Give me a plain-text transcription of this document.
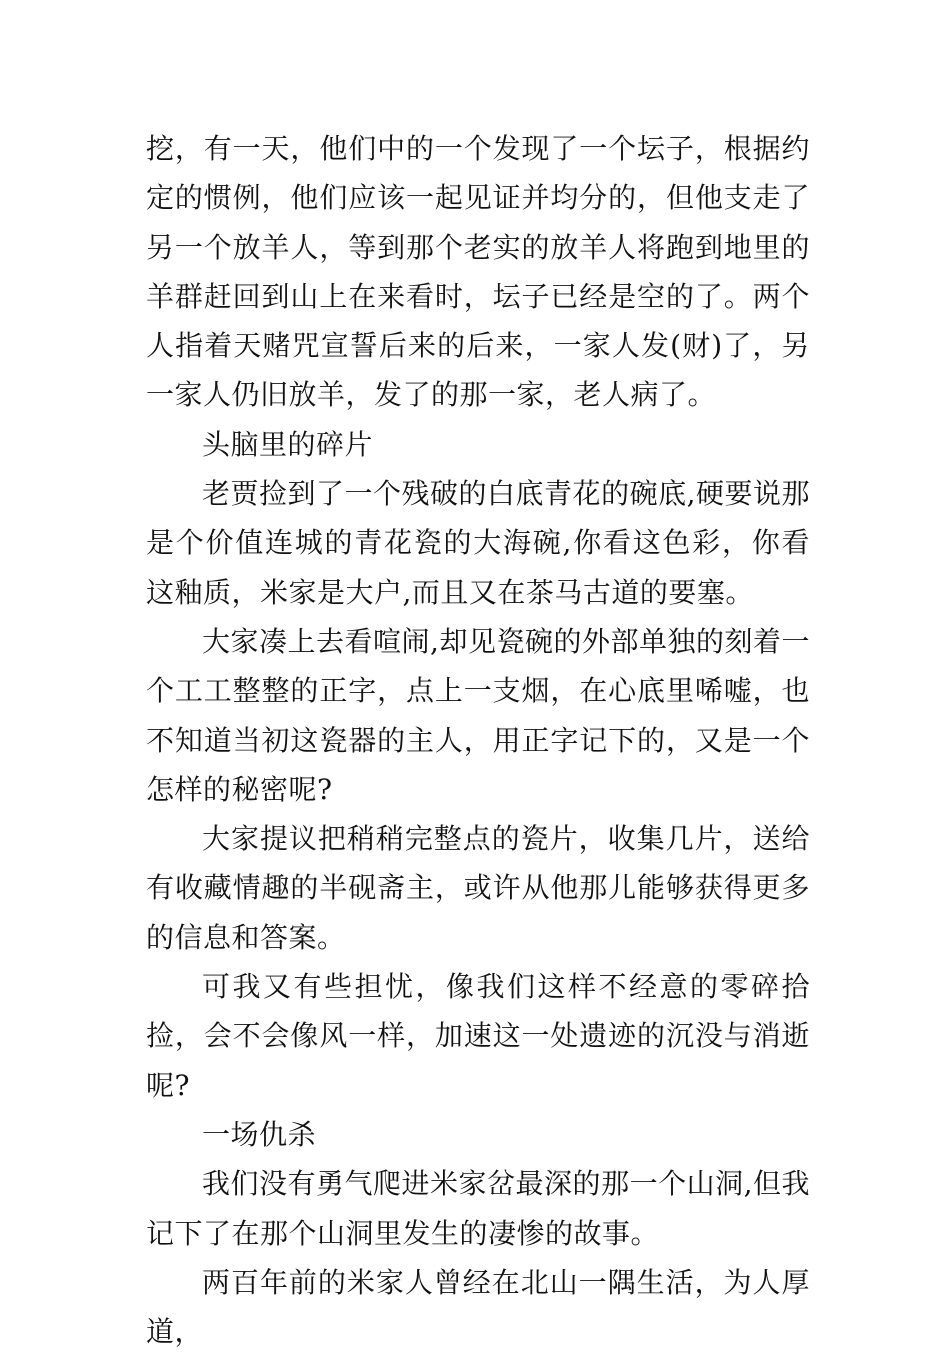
挖，有一天，他们中的一个发现了一个坛子，根据约定的惯例，他们应该一起见证并均分的，但他支走了另一个放羊人，等到那个老实的放羊人将跑到地里的羊群赶回到山上在来看时，坛子已经是空的了。两个人指着天赌咒宣誓后来的后来，一家人发(财)了，另一家人仍旧放羊，发了的那一家，老人病了。

头脑里的碎片

老贾捡到了一个残破的白底青花的碗底,硬要说那是个价值连城的青花瓷的大海碗,你看这色彩，你看这釉质，米家是大户,而且又在茶马古道的要塞。

大家凑上去看喧闹,却见瓷碗的外部单独的刻着一个工工整整的正字，点上一支烟，在心底里唏嘘，也不知道当初这瓷器的主人，用正字记下的，又是一个怎样的秘密呢?

大家提议把稍稍完整点的瓷片，收集几片，送给有收藏情趣的半砚斋主，或许从他那儿能够获得更多的信息和答案。

可我又有些担忧，像我们这样不经意的零碎拾捡，会不会像风一样，加速这一处遗迹的沉没与消逝呢?

一场仇杀

我们没有勇气爬进米家岔最深的那一个山洞,但我记下了在那个山洞里发生的凄惨的故事。

两百年前的米家人曾经在北山一隅生活，为人厚道，
